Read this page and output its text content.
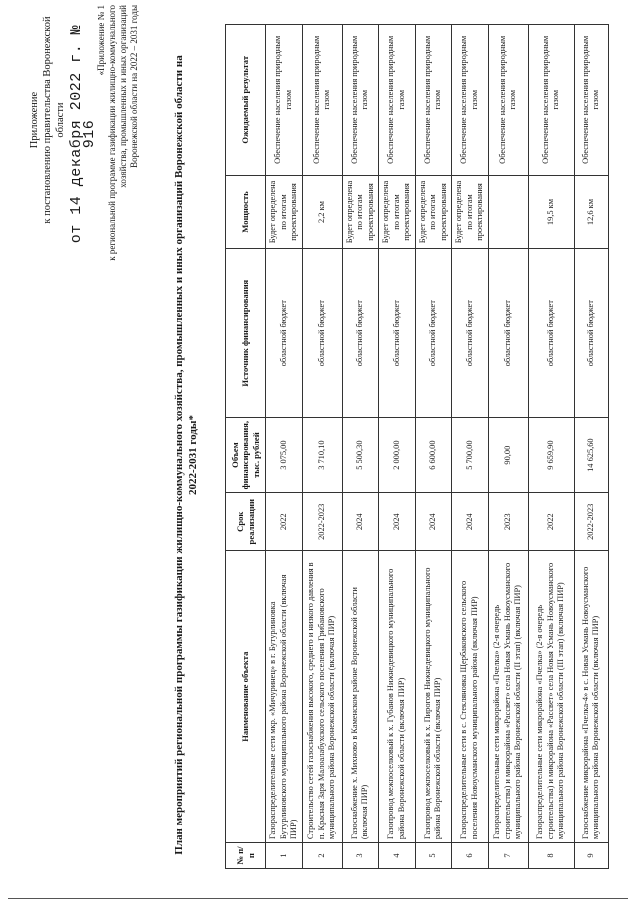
Приложение к постановлению правительства Воронежской области от 14 декабря 2022 г. № 916
«Приложение № 1 к региональной программе газификации жилищно-коммунального хозяйства, промышленных и иных организаций Воронежской области на 2022 – 2031 годы	План мероприятий региональной программы газификации жилищно-коммунального хозяйства, промышленных и иных организаций Воронежской области на 2022-2031 годы*
№ п/п	Наименование объекта	Срок реализации	Объем финансирования, тыс. рублей	Источник финансирования	Мощность	Ожидаемый результат
1	Газораспределительные сети мкр. «Мичуринец» в г. Бутурлиновка Бутурлиновского муниципального района Воронежской области (включая ПИР)	2022	3 075,00	областной бюджет	Будет определена по итогам проектирования	Обеспечение населения природным газом
2	Строительство сетей газоснабжения высокого, среднего и низкого давления в п. Красная Заря Малоалабухского сельского поселения Грибановского муниципального района Воронежской области (включая ПИР)	2022-2023	3 710,10	областной бюджет	2,2 км	Обеспечение населения природным газом
3	Газоснабжение х. Михново в Каменском районе Воронежской области (включая ПИР)	2024	5 500,30	областной бюджет	Будет определена по итогам проектирования	Обеспечение населения природным газом
4	Газопровод межпоселковый к х. Губанов Нижнедевицкого муниципального района Воронежской области (включая ПИР)	2024	2 000,00	областной бюджет	Будет определена по итогам проектирования	Обеспечение населения природным газом
5	Газопровод межпоселковый к х. Пирогов Нижнедевицкого муниципального района Воронежской области (включая ПИР)	2024	6 600,00	областной бюджет	Будет определена по итогам проектирования	Обеспечение населения природным газом
6	Газораспределительные сети в с. Стекляновка Щербаковского сельского поселения Новоусманского муниципального района (включая ПИР)	2024	5 700,00	областной бюджет	Будет определена по итогам проектирования	Обеспечение населения природным газом
7	Газораспределительные сети микрорайона «Пчелка» (2-я очередь строительства) и микрорайона «Рассвет» села Новая Усмань Новоусманского муниципального района Воронежской области (II этап) (включая ПИР)	2023	90,00	областной бюджет		Обеспечение населения природным газом
8	Газораспределительные сети микрорайона «Пчелка» (2-я очередь строительства) и микрорайона «Рассвет» села Новая Усмань Новоусманского муниципального района Воронежской области (III этап) (включая ПИР)	2022	9 659,90	областной бюджет	19,5 км	Обеспечение населения природным газом
9	Газоснабжение микрорайона «Пчелка-4» в с. Новая Усмань Новоусманского муниципального района Воронежской области (включая ПИР)	2022-2023	14 625,60	областной бюджет	12,6 км	Обеспечение населения природным газом
